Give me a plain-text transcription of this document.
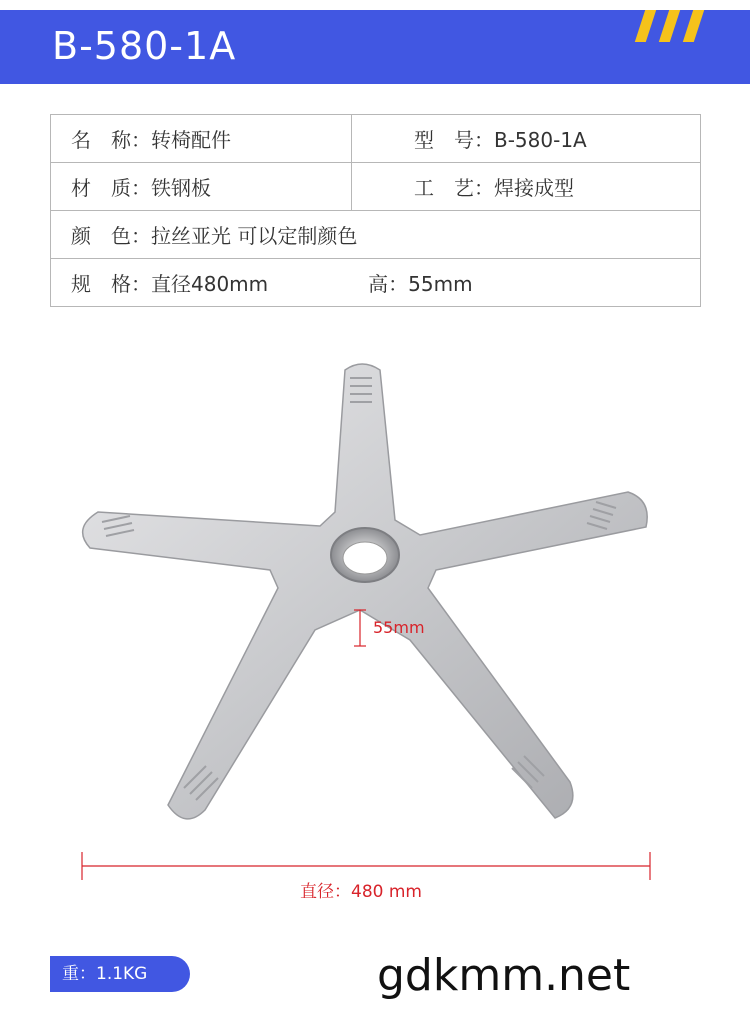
B-580-1A
名　称：转椅配件	型　号：B-580-1A
材　质：铁钢板	工　艺：焊接成型
颜　色：拉丝亚光 可以定制颜色	
规　格：直径480mm 高：55mm	
55mm
直径：480 mm
重：1.1KG	gdkmm.net
